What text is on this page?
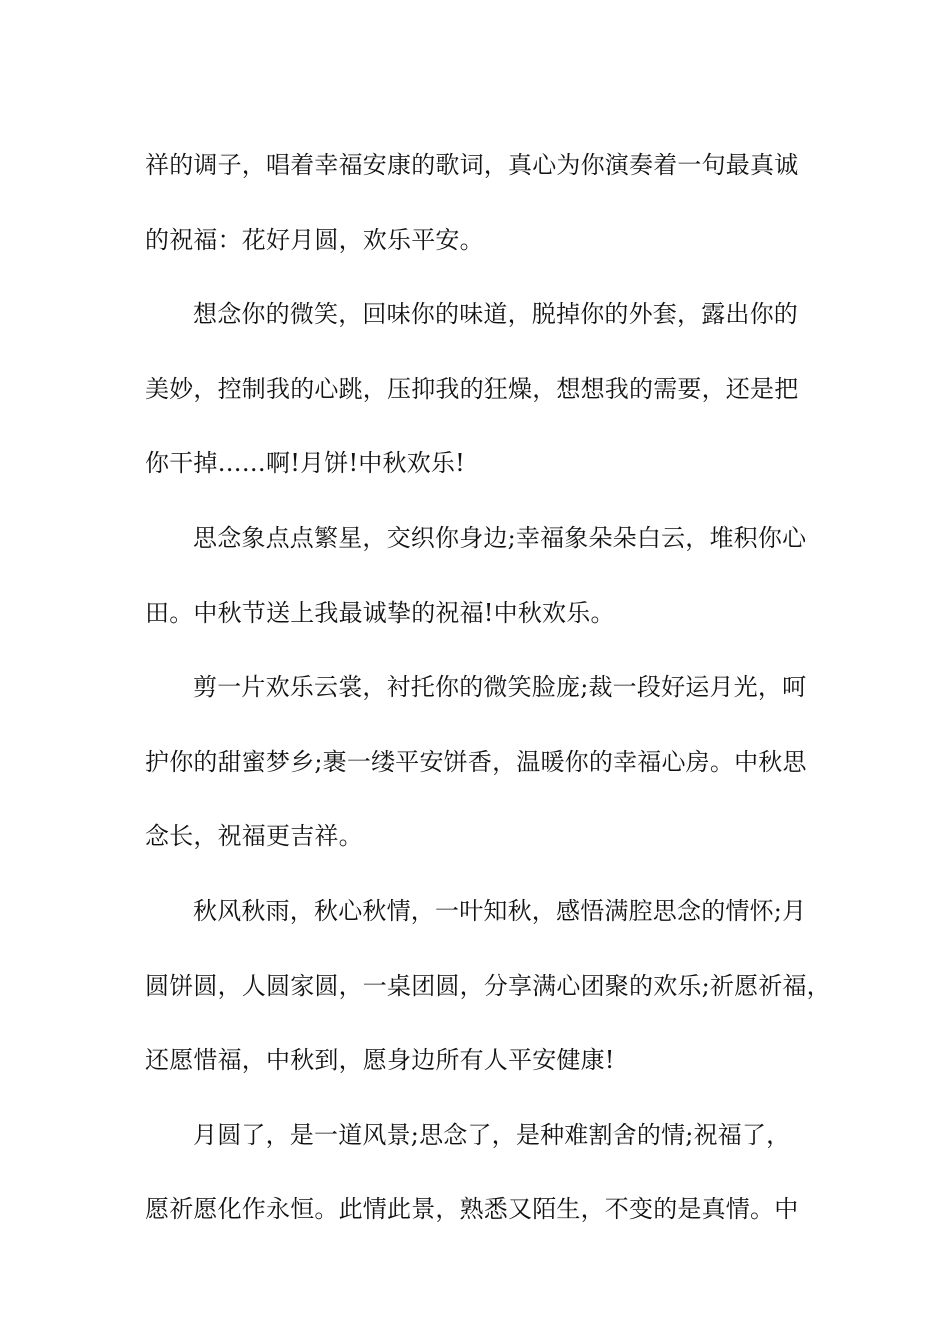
祥的调子，唱着幸福安康的歌词，真心为你演奏着一句最真诚
的祝福：花好月圆，欢乐平安。
想念你的微笑，回味你的味道，脱掉你的外套，露出你的
美妙，控制我的心跳，压抑我的狂燥，想想我的需要，还是把
你干掉……啊!月饼!中秋欢乐!
思念象点点繁星，交织你身边;幸福象朵朵白云，堆积你心
田。中秋节送上我最诚挚的祝福!中秋欢乐。
剪一片欢乐云裳，衬托你的微笑脸庞;裁一段好运月光，呵
护你的甜蜜梦乡;裹一缕平安饼香，温暖你的幸福心房。中秋思
念长，祝福更吉祥。
秋风秋雨，秋心秋情，一叶知秋，感悟满腔思念的情怀;月
圆饼圆，人圆家圆，一桌团圆，分享满心团聚的欢乐;祈愿祈福，
还愿惜福，中秋到，愿身边所有人平安健康!
月圆了，是一道风景;思念了，是种难割舍的情;祝福了，
愿祈愿化作永恒。此情此景，熟悉又陌生，不变的是真情。中
